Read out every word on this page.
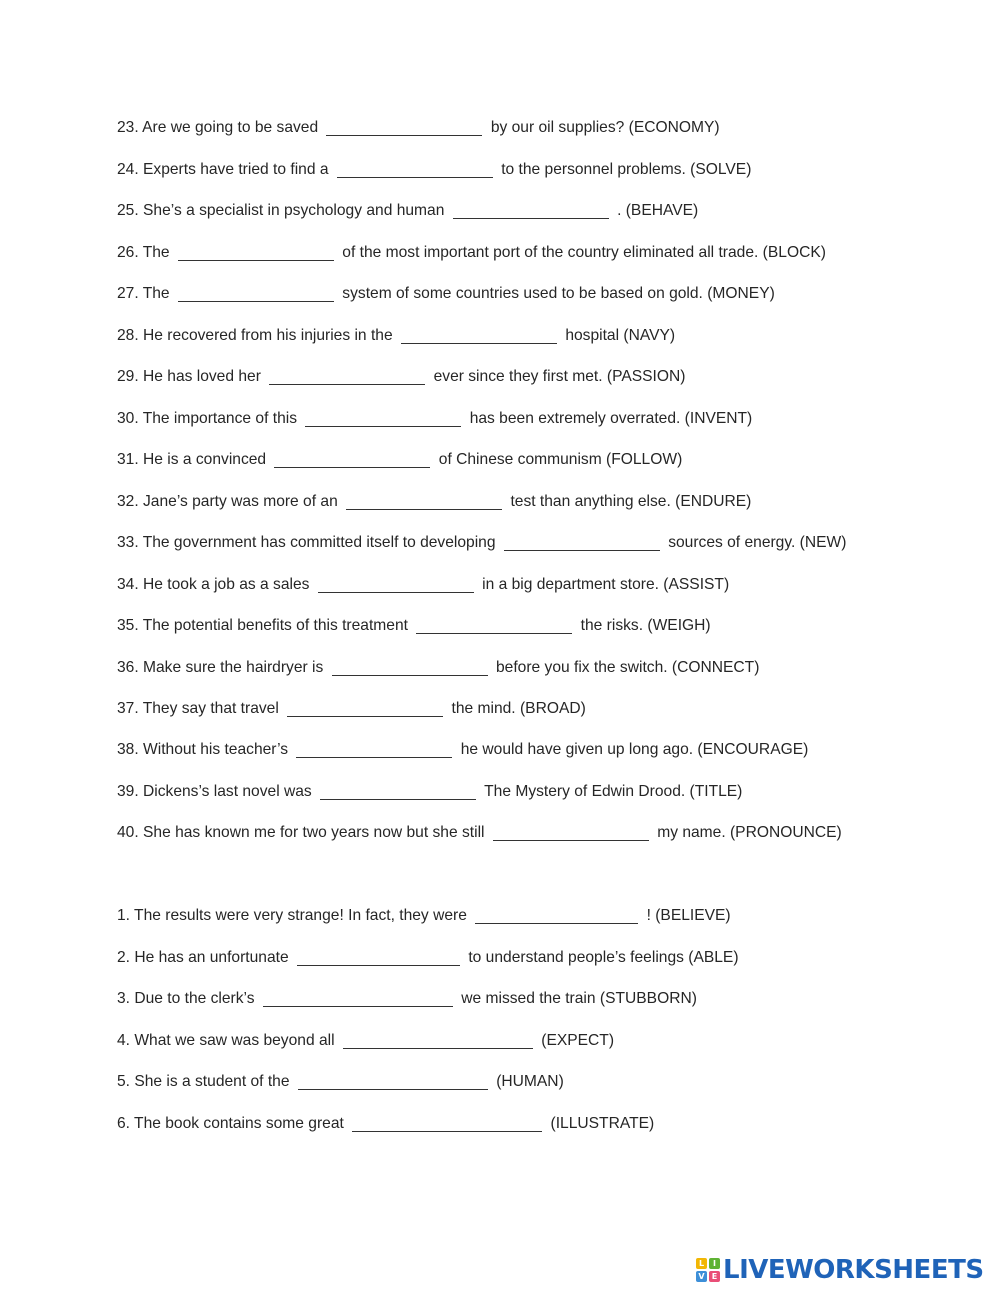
23. Are we going to be saved	by our oil supplies? (ECONOMY)
24. Experts have tried to find a	to the personnel problems. (SOLVE)
25. She’s a specialist in psychology and human	. (BEHAVE)
26. The	of the most important port of the country eliminated all trade. (BLOCK)
27. The	system of some countries used to be based on gold. (MONEY)
28. He recovered from his injuries in the	hospital (NAVY)
29. He has loved her	ever since they first met. (PASSION)
30. The importance of this	has been extremely overrated. (INVENT)
31. He is a convinced	of Chinese communism (FOLLOW)
32. Jane’s party was more of an	test than anything else. (ENDURE)
33. The government has committed itself to developing	sources of energy. (NEW)
34. He took a job as a sales	in a big department store. (ASSIST)
35. The potential benefits of this treatment	the risks. (WEIGH)
36. Make sure the hairdryer is	before you fix the switch. (CONNECT)
37. They say that travel	the mind. (BROAD)
38. Without his teacher’s	he would have given up long ago. (ENCOURAGE)
39. Dickens’s last novel was	The Mystery of Edwin Drood. (TITLE)
40. She has known me for two years now but she still	my name. (PRONOUNCE)
1. The results were very strange! In fact, they were	! (BELIEVE)
2. He has an unfortunate	to understand people’s feelings (ABLE)
3. Due to the clerk’s	we missed the train (STUBBORN)
4. What we saw was beyond all	(EXPECT)
5. She is a student of the	(HUMAN)
6. The book contains some great	(ILLUSTRATE)
L	I
V E LIVEWORKSHEETS
